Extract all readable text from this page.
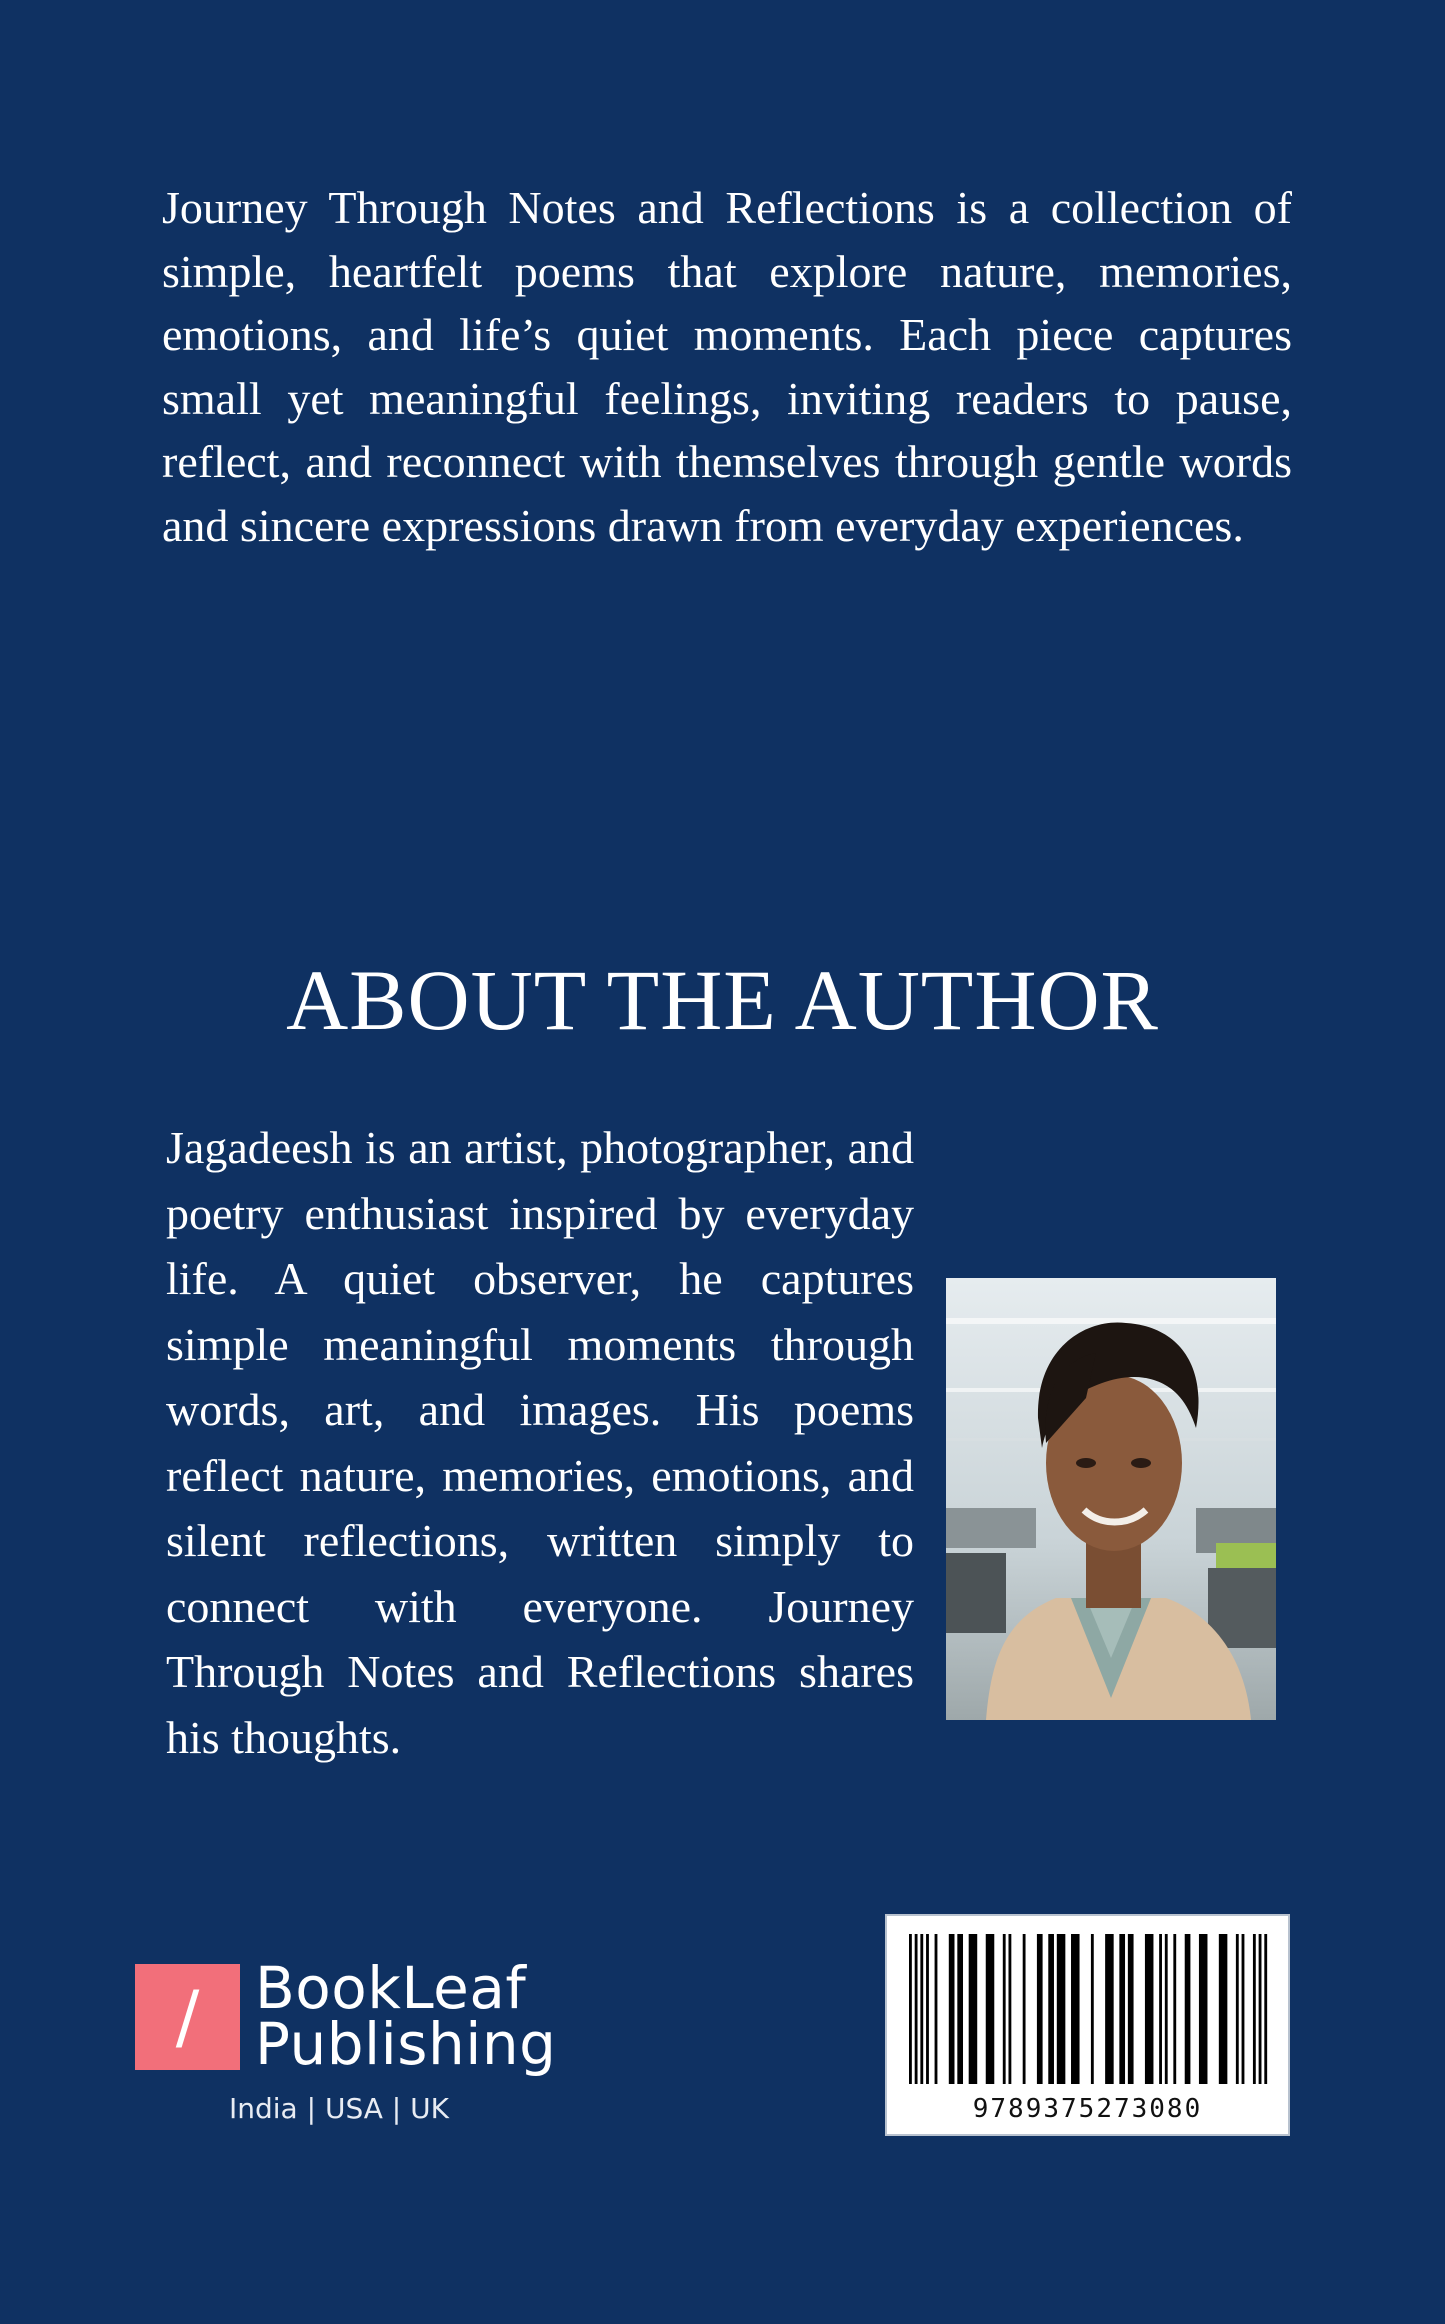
Journey Through Notes and Reflections is a collection of simple, heartfelt poems that explore nature, memories, emotions, and life’s quiet moments. Each piece captures small yet meaningful feelings, inviting readers to pause, reflect, and reconnect with themselves through gentle words and sincere expressions drawn from everyday experiences.

ABOUT THE AUTHOR

Jagadeesh is an artist, photographer, and poetry enthusiast inspired by everyday life. A quiet observer, he captures simple meaningful moments through words, art, and images. His poems reflect nature, memories, emotions, and silent reflections, written simply to connect with everyone. Journey Through Notes and Reflections shares his thoughts.

/ BookLeaf
Publishing
India | USA | UK	9789375273080
